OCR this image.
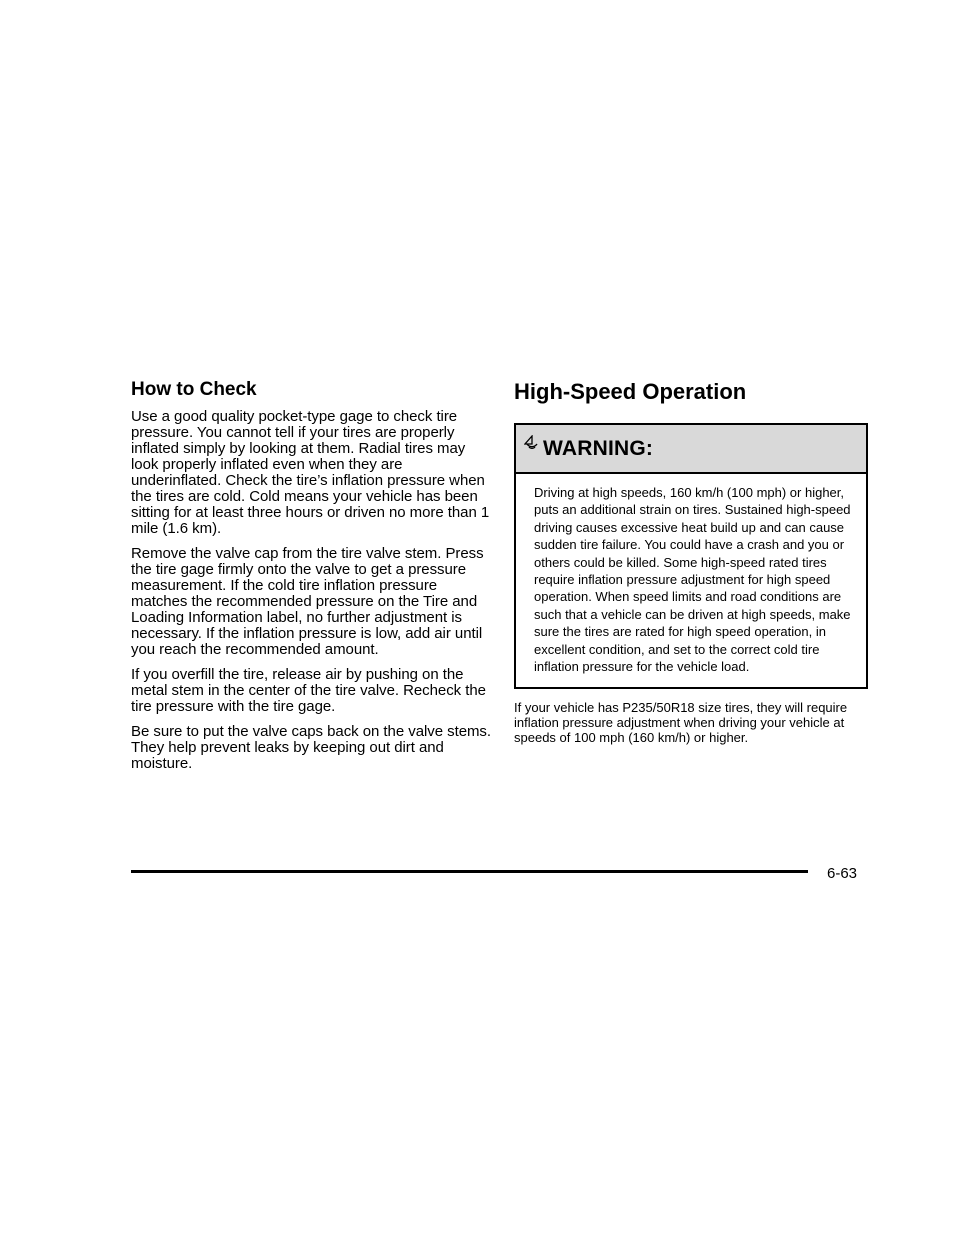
How to Check

Use a good quality pocket-type gage to check tire pressure. You cannot tell if your tires are properly inflated simply by looking at them. Radial tires may look properly inflated even when they are underinflated. Check the tire’s inflation pressure when the tires are cold. Cold means your vehicle has been sitting for at least three hours or driven no more than 1 mile (1.6 km).

Remove the valve cap from the tire valve stem. Press the tire gage firmly onto the valve to get a pressure measurement. If the cold tire inflation pressure matches the recommended pressure on the Tire and Loading Information label, no further adjustment is necessary. If the inflation pressure is low, add air until you reach the recommended amount.

If you overfill the tire, release air by pushing on the metal stem in the center of the tire valve. Recheck the tire pressure with the tire gage.

Be sure to put the valve caps back on the valve stems. They help prevent leaks by keeping out dirt and moisture.

High-Speed Operation
WARNING:
Driving at high speeds, 160 km/h (100 mph) or higher, puts an additional strain on tires. Sustained high-speed driving causes excessive heat build up and can cause sudden tire failure. You could have a crash and you or others could be killed. Some high-speed rated tires require inflation pressure adjustment for high speed operation. When speed limits and road conditions are such that a vehicle can be driven at high speeds, make sure the tires are rated for high speed operation, in excellent condition, and set to the correct cold tire inflation pressure for the vehicle load.

If your vehicle has P235/50R18 size tires, they will require inflation pressure adjustment when driving your vehicle at speeds of 100 mph (160 km/h) or higher.

6-63
